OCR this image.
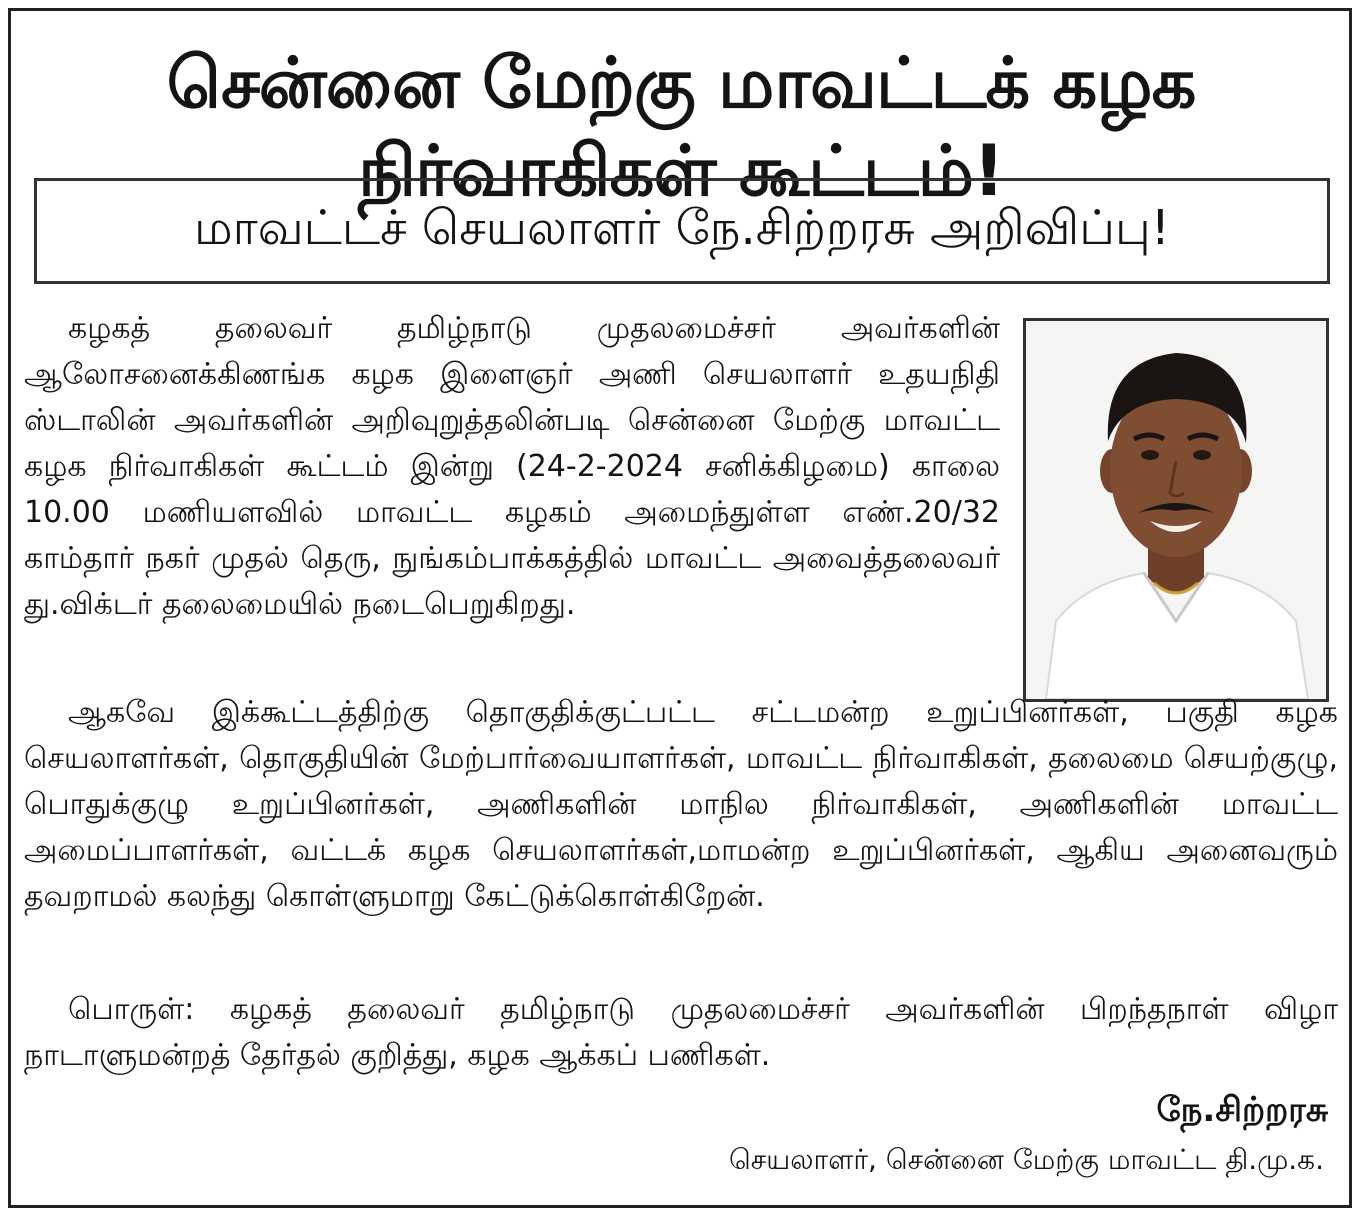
சென்னை மேற்கு மாவட்டக் கழக நிர்வாகிகள் கூட்டம்!
மாவட்டச் செயலாளர் நே.சிற்றரசு அறிவிப்பு!

கழகத் தலைவர் தமிழ்நாடு முதலமைச்சர் அவர்களின் ஆலோசனைக்கிணங்க கழக இளைஞர் அணி செயலாளர் உதயநிதி ஸ்டாலின் அவர்களின் அறிவுறுத்தலின்படி சென்னை மேற்கு மாவட்ட கழக நிர்வாகிகள் கூட்டம் இன்று (24-2-2024 சனிக்கிழமை) காலை 10.00 மணியளவில் மாவட்ட கழகம் அமைந்துள்ள எண்.20/32 காம்தார் நகர் முதல் தெரு, நுங்கம்பாக்கத்தில் மாவட்ட அவைத்தலைவர் து.விக்டர் தலைமையில் நடைபெறுகிறது.

ஆகவே இக்கூட்டத்திற்கு தொகுதிக்குட்பட்ட சட்டமன்ற உறுப்பினர்கள், பகுதி கழக செயலாளர்கள், தொகுதியின் மேற்பார்வையாளர்கள், மாவட்ட நிர்வாகிகள், தலைமை செயற்குழு, பொதுக்குழு உறுப்பினர்கள், அணிகளின் மாநில நிர்வாகிகள், அணிகளின் மாவட்ட அமைப்பாளர்கள், வட்டக் கழக செயலாளர்கள்,மாமன்ற உறுப்பினர்கள், ஆகிய அனைவரும் தவறாமல் கலந்து கொள்ளுமாறு கேட்டுக்கொள்கிறேன்.

பொருள்: கழகத் தலைவர் தமிழ்நாடு முதலமைச்சர் அவர்களின் பிறந்தநாள் விழா நாடாளுமன்றத் தேர்தல் குறித்து, கழக ஆக்கப் பணிகள்.

நே.சிற்றரசு
செயலாளர், சென்னை மேற்கு மாவட்ட தி.மு.க.
